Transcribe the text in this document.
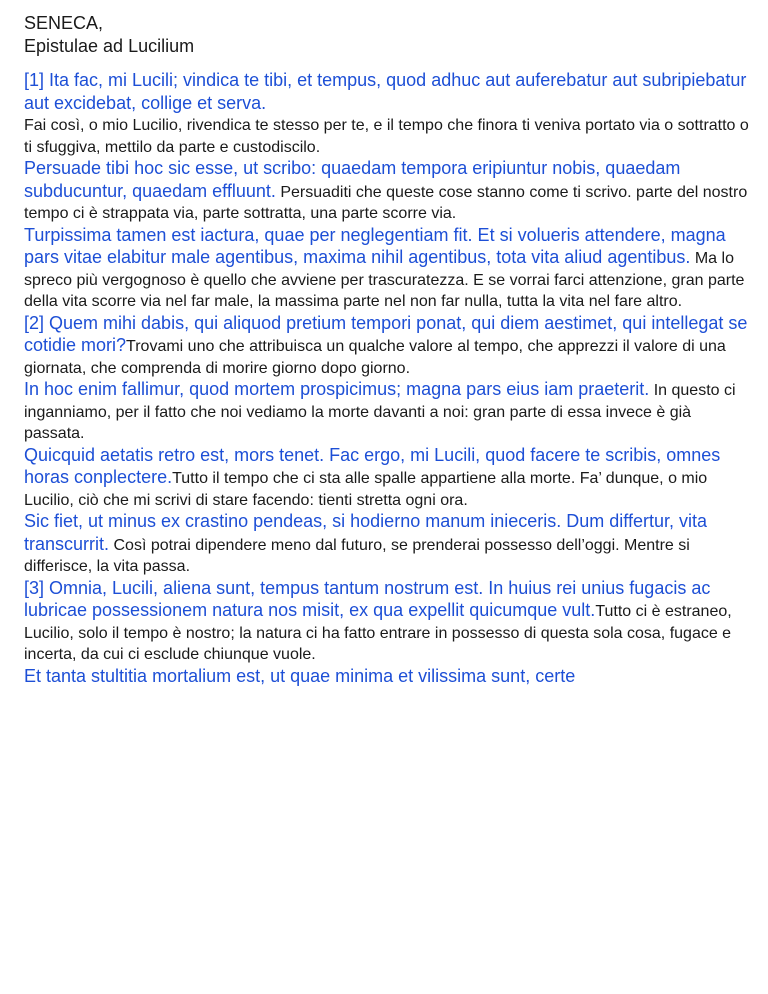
SENECA,
Epistulae ad Lucilium
[1] Ita fac, mi Lucili; vindica te tibi, et tempus, quod adhuc aut auferebatur aut subripiebatur aut excidebat, collige et serva.
Fai così, o mio Lucilio, rivendica te stesso per te, e il tempo che finora ti veniva portato via o sottratto o ti sfuggiva, mettilo da parte e custodiscilo.
Persuade tibi hoc sic esse, ut scribo: quaedam tempora eripiuntur nobis, quaedam subducuntur, quaedam effluunt. Persuaditi che queste cose stanno come ti scrivo. parte del nostro tempo ci è strappata via, parte sottratta, una parte scorre via.
Turpissima tamen est iactura, quae per neglegentiam fit. Et si volueris attendere, magna pars vitae elabitur male agentibus, maxima nihil agentibus, tota vita aliud agentibus. Ma lo spreco più vergognoso è quello che avviene per trascuratezza. E se vorrai farci attenzione, gran parte della vita scorre via nel far male, la massima parte nel non far nulla, tutta la vita nel fare altro.
[2] Quem mihi dabis, qui aliquod pretium tempori ponat, qui diem aestimet, qui intellegat se cotidie mori?Trovami uno che attribuisca un qualche valore al tempo, che apprezzi il valore di una giornata, che comprenda di morire giorno dopo giorno.
In hoc enim fallimur, quod mortem prospicimus; magna pars eius iam praeterit. In questo ci inganniamo, per il fatto che noi vediamo la morte davanti a noi: gran parte di essa invece è già passata.
Quicquid aetatis retro est, mors tenet. Fac ergo, mi Lucili, quod facere te scribis, omnes horas conplectere.Tutto il tempo che ci sta alle spalle appartiene alla morte. Fa’ dunque, o mio Lucilio, ciò che mi scrivi di stare facendo: tienti stretta ogni ora.
Sic fiet, ut minus ex crastino pendeas, si hodierno manum inieceris. Dum differtur, vita transcurrit. Così potrai dipendere meno dal futuro, se prenderai possesso dell’oggi. Mentre si differisce, la vita passa.
[3] Omnia, Lucili, aliena sunt, tempus tantum nostrum est. In huius rei unius fugacis ac lubricae possessionem natura nos misit, ex qua expellit quicumque vult.Tutto ci è estraneo, Lucilio, solo il tempo è nostro; la natura ci ha fatto entrare in possesso di questa sola cosa, fugace e incerta, da cui ci esclude chiunque vuole.
Et tanta stultitia mortalium est, ut quae minima et vilissima sunt, certe
